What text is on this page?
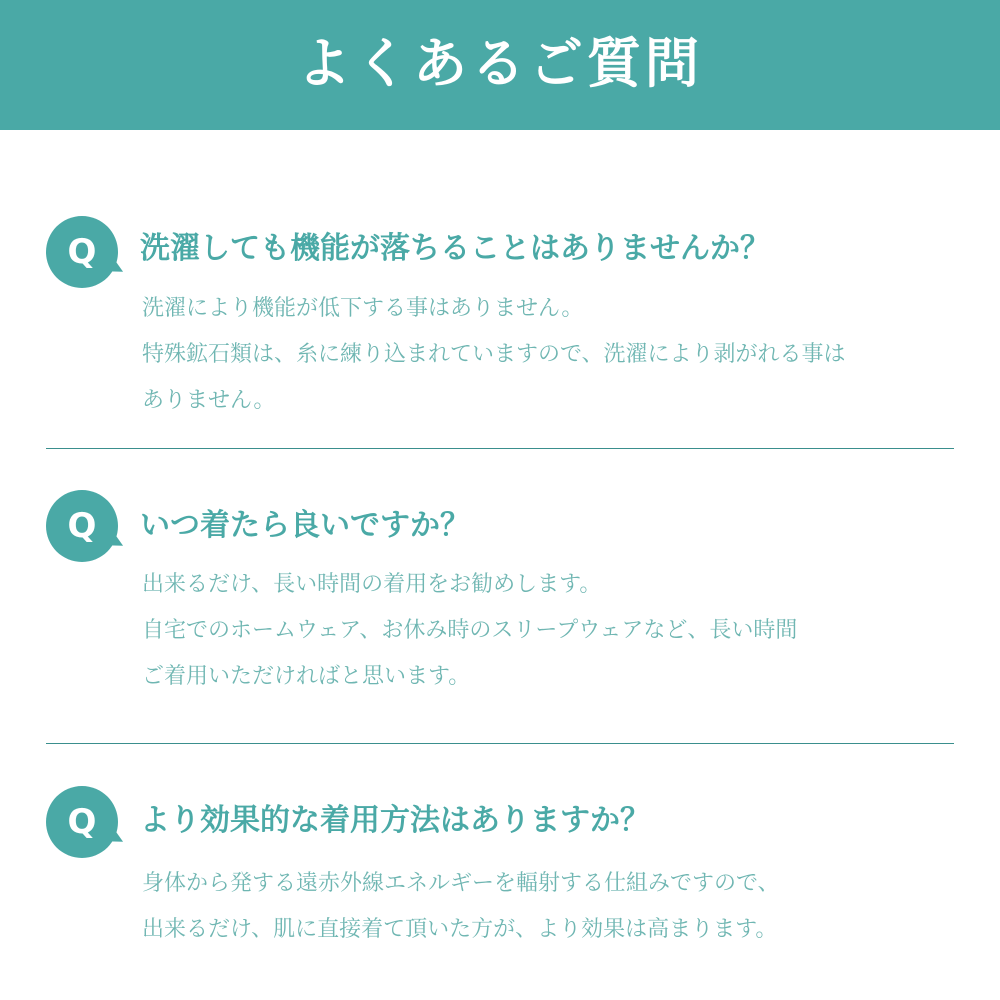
よくあるご質問
Q 洗濯しても機能が落ちることはありませんか？
洗濯により機能が低下する事はありません。
特殊鉱石類は、糸に練り込まれていますので、洗濯により剥がれる事は
ありません。
Q いつ着たら良いですか？
出来るだけ、長い時間の着用をお勧めします。
自宅でのホームウェア、お休み時のスリープウェアなど、長い時間
ご着用いただければと思います。
Q より効果的な着用方法はありますか？
身体から発する遠赤外線エネルギーを輻射する仕組みですので、
出来るだけ、肌に直接着て頂いた方が、より効果は高まります。
